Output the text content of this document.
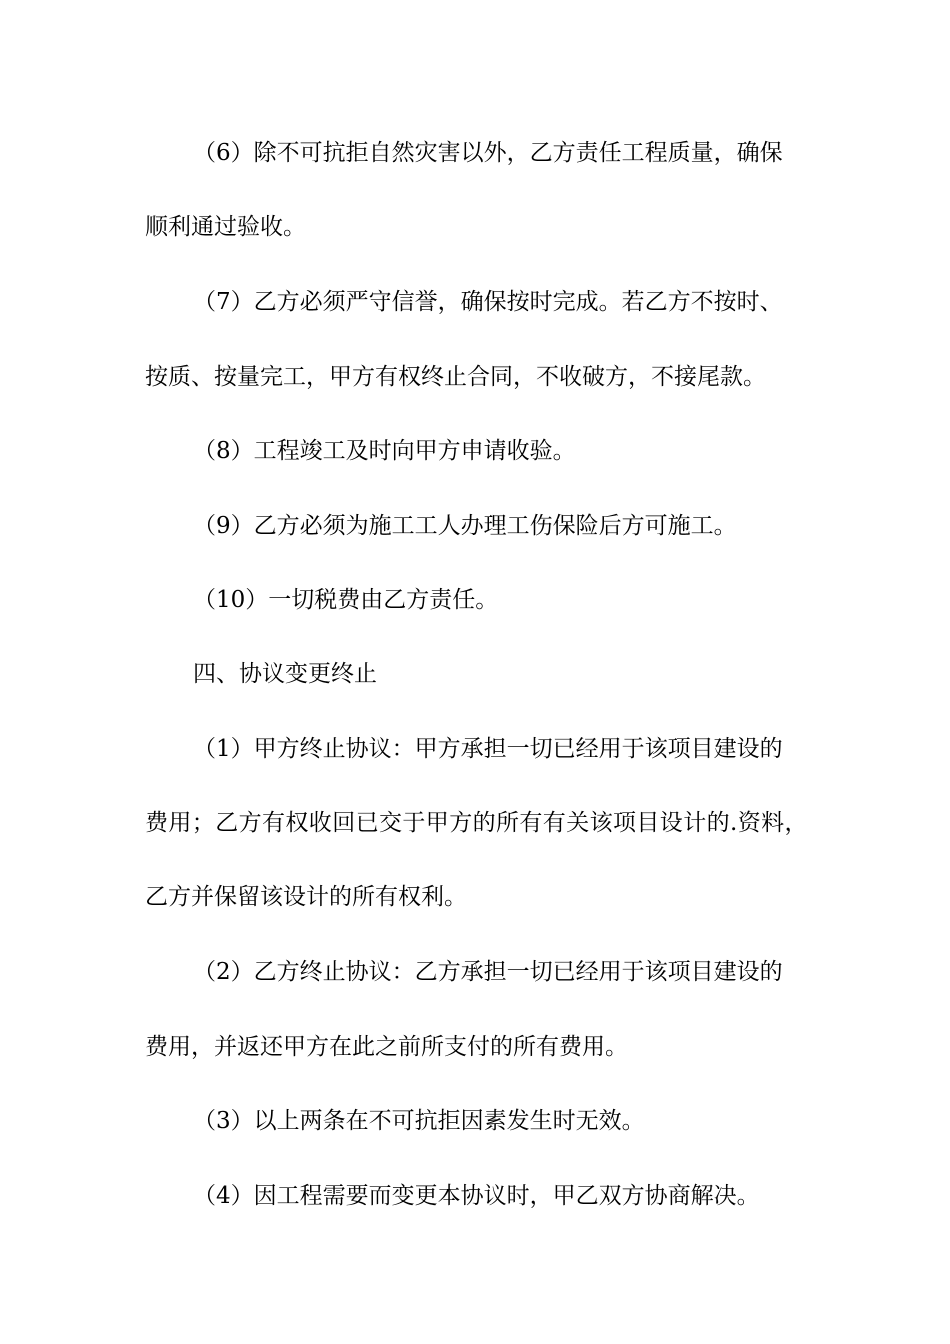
（6）除不可抗拒自然灾害以外，乙方责任工程质量，确保
顺利通过验收。
（7）乙方必须严守信誉，确保按时完成。若乙方不按时、
按质、按量完工，甲方有权终止合同，不收破方，不接尾款。
（8）工程竣工及时向甲方申请收验。
（9）乙方必须为施工工人办理工伤保险后方可施工。
（10）一切税费由乙方责任。
四、协议变更终止
（1）甲方终止协议：甲方承担一切已经用于该项目建设的
费用；乙方有权收回已交于甲方的所有有关该项目设计的.资料，
乙方并保留该设计的所有权利。
（2）乙方终止协议：乙方承担一切已经用于该项目建设的
费用，并返还甲方在此之前所支付的所有费用。
（3）以上两条在不可抗拒因素发生时无效。
（4）因工程需要而变更本协议时，甲乙双方协商解决。
